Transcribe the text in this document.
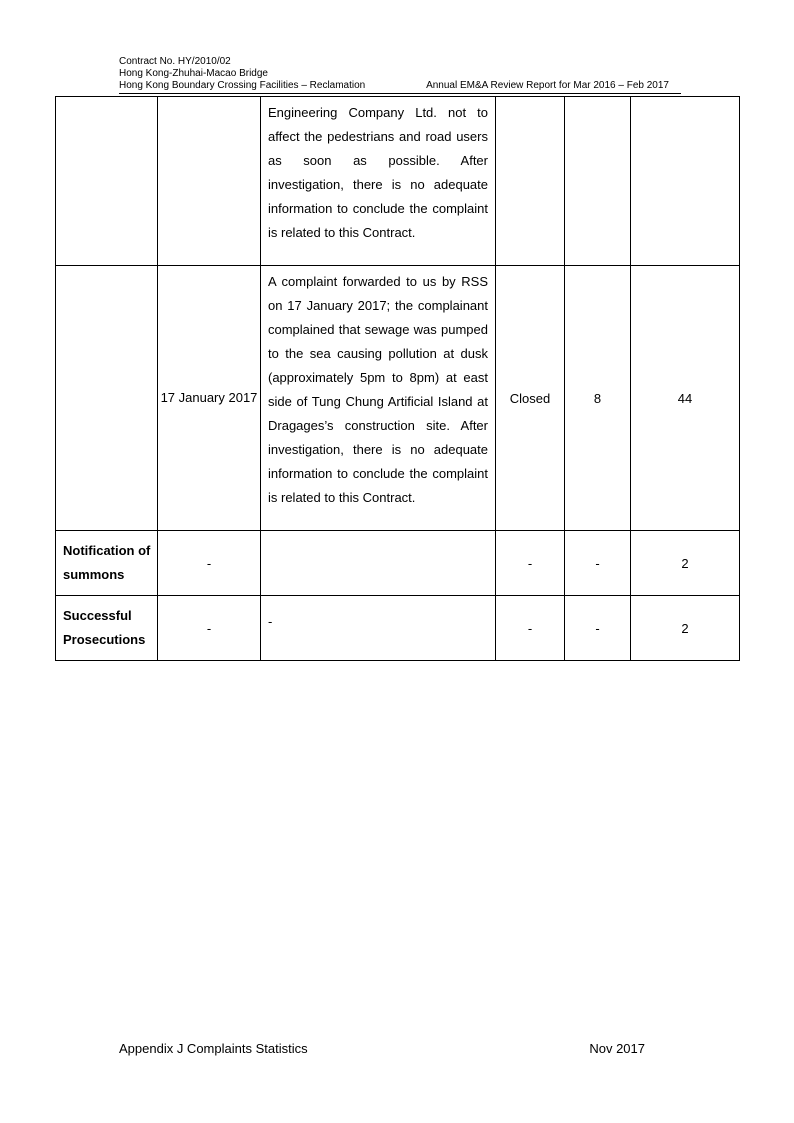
Contract No. HY/2010/02
Hong Kong-Zhuhai-Macao Bridge
Hong Kong Boundary Crossing Facilities – Reclamation	Annual EM&A Review Report for Mar 2016 – Feb 2017
		Engineering Company Ltd. not to affect the pedestrians and road users as soon as possible. After investigation, there is no adequate information to conclude the complaint is related to this Contract.			
	17 January 2017	A complaint forwarded to us by RSS on 17 January 2017; the complainant complained that sewage was pumped to the sea causing pollution at dusk (approximately 5pm to 8pm) at east side of Tung Chung Artificial Island at Dragages’s construction site. After investigation, there is no adequate information to conclude the complaint is related to this Contract.	Closed	8	44
Notification of summons	-		-	-	2
Successful Prosecutions	-	-	-	-	2
Appendix J Complaints Statistics	Nov 2017
